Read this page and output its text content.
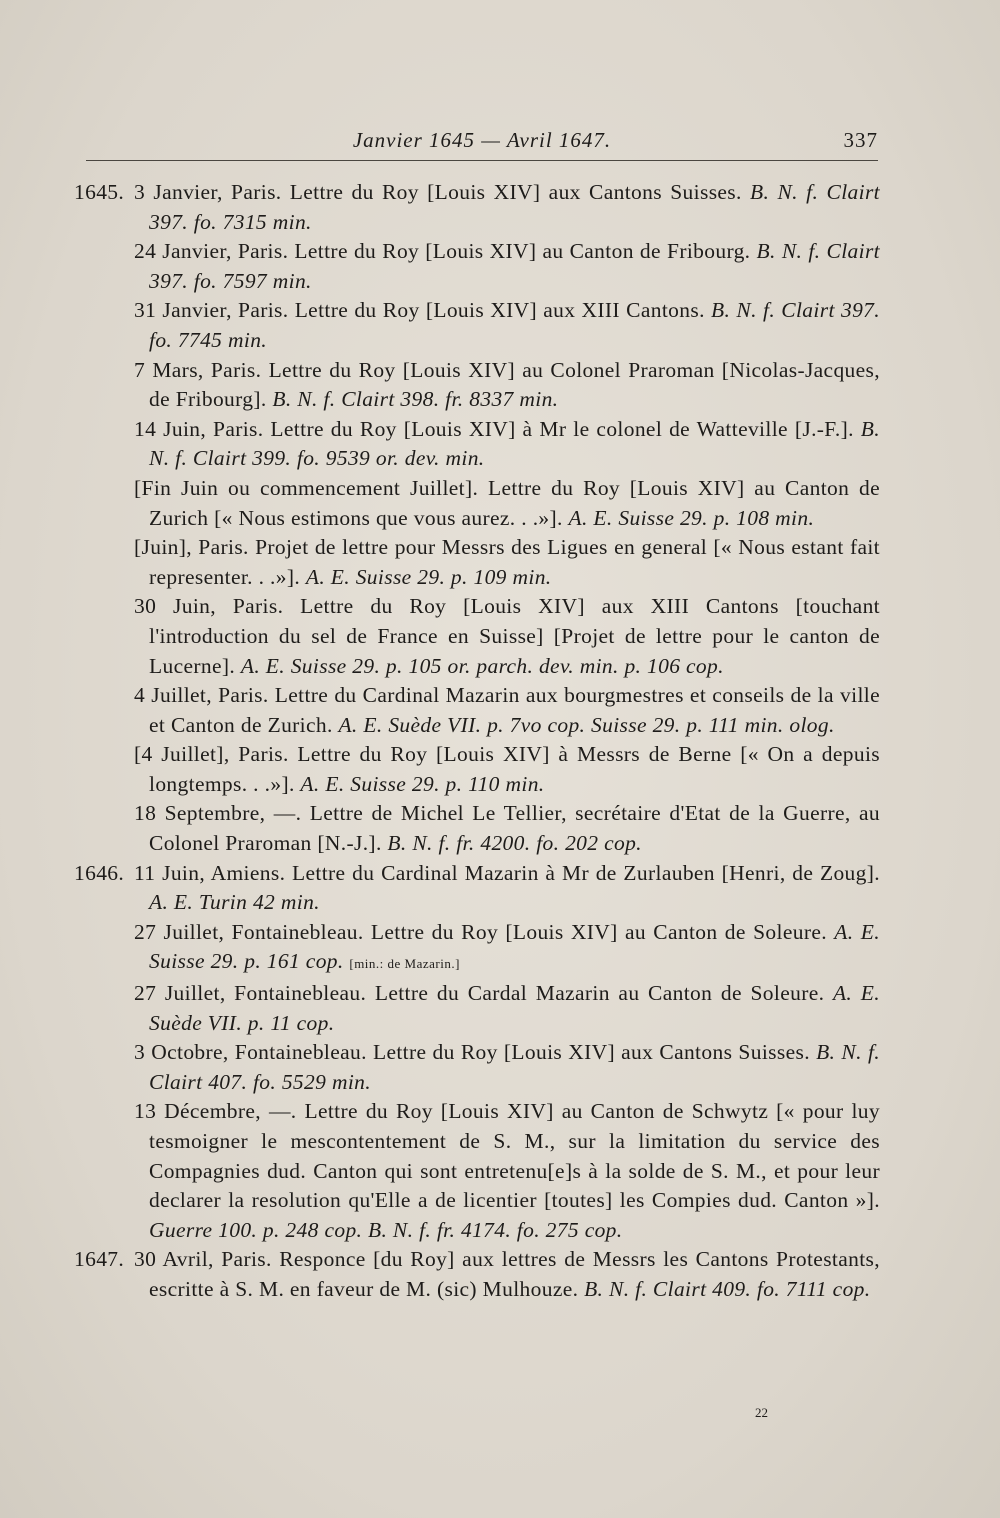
Janvier 1645 — Avril 1647.	337
1645. 3 Janvier, Paris. Lettre du Roy [Louis XIV] aux Cantons Suisses. B. N. f. Clairt 397. fo. 7315 min.
24 Janvier, Paris. Lettre du Roy [Louis XIV] au Canton de Fribourg. B. N. f. Clairt 397. fo. 7597 min.
31 Janvier, Paris. Lettre du Roy [Louis XIV] aux XIII Cantons. B. N. f. Clairt 397. fo. 7745 min.
7 Mars, Paris. Lettre du Roy [Louis XIV] au Colonel Praroman [Nicolas-Jacques, de Fribourg]. B. N. f. Clairt 398. fr. 8337 min.
14 Juin, Paris. Lettre du Roy [Louis XIV] à Mr le colonel de Watteville [J.-F.]. B. N. f. Clairt 399. fo. 9539 or. dev. min.
[Fin Juin ou commencement Juillet]. Lettre du Roy [Louis XIV] au Canton de Zurich [« Nous estimons que vous aurez. . .»]. A. E. Suisse 29. p. 108 min.
[Juin], Paris. Projet de lettre pour Messrs des Ligues en general [« Nous estant fait representer. . .»]. A. E. Suisse 29. p. 109 min.
30 Juin, Paris. Lettre du Roy [Louis XIV] aux XIII Cantons [touchant l'introduction du sel de France en Suisse] [Projet de lettre pour le canton de Lucerne]. A. E. Suisse 29. p. 105 or. parch. dev. min. p. 106 cop.
4 Juillet, Paris. Lettre du Cardinal Mazarin aux bourgmestres et conseils de la ville et Canton de Zurich. A. E. Suède VII. p. 7vo cop. Suisse 29. p. 111 min. olog.
[4 Juillet], Paris. Lettre du Roy [Louis XIV] à Messrs de Berne [« On a depuis longtemps. . .»]. A. E. Suisse 29. p. 110 min.
18 Septembre, —. Lettre de Michel Le Tellier, secrétaire d'Etat de la Guerre, au Colonel Praroman [N.-J.]. B. N. f. fr. 4200. fo. 202 cop.
1646. 11 Juin, Amiens. Lettre du Cardinal Mazarin à Mr de Zurlauben [Henri, de Zoug]. A. E. Turin 42 min.
27 Juillet, Fontainebleau. Lettre du Roy [Louis XIV] au Canton de Soleure. A. E. Suisse 29. p. 161 cop. [min.: de Mazarin.]
27 Juillet, Fontainebleau. Lettre du Cardal Mazarin au Canton de Soleure. A. E. Suède VII. p. 11 cop.
3 Octobre, Fontainebleau. Lettre du Roy [Louis XIV] aux Cantons Suisses. B. N. f. Clairt 407. fo. 5529 min.
13 Décembre, —. Lettre du Roy [Louis XIV] au Canton de Schwytz [« pour luy tesmoigner le mescontentement de S. M., sur la limitation du service des Compagnies dud. Canton qui sont entretenu[e]s à la solde de S. M., et pour leur declarer la resolution qu'Elle a de licentier [toutes] les Compies dud. Canton »]. Guerre 100. p. 248 cop. B. N. f. fr. 4174. fo. 275 cop.
1647. 30 Avril, Paris. Responce [du Roy] aux lettres de Messrs les Cantons Protestants, escritte à S. M. en faveur de M. (sic) Mulhouze. B. N. f. Clairt 409. fo. 7111 cop.
22
